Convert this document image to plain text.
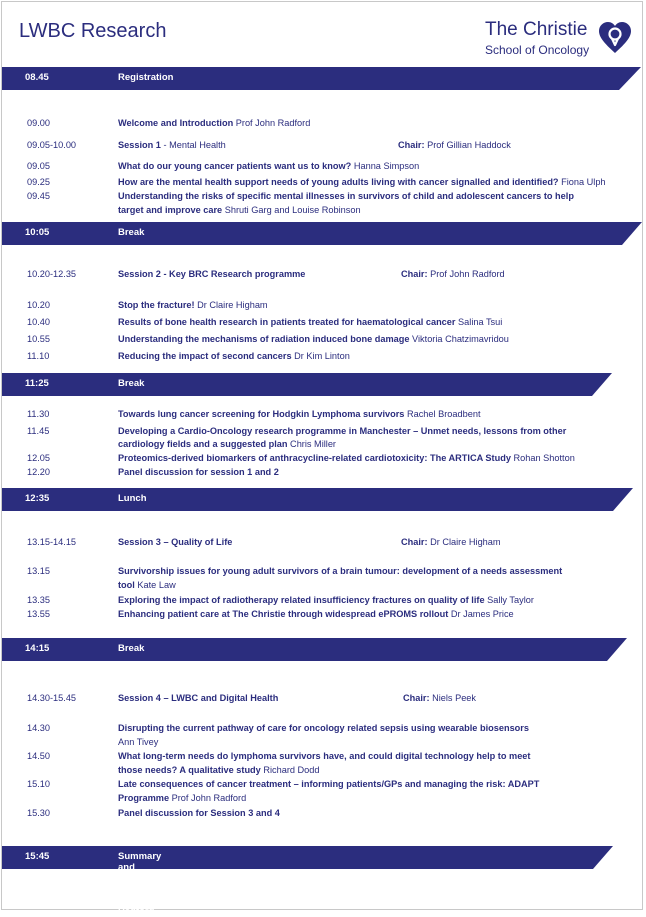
LWBC Research	The Christie
School of Oncology
08.45	Registration
09.00	Welcome and Introduction Prof John Radford
09.05-10.00	Session 1 - Mental Health	Chair: Prof Gillian Haddock
09.05	What do our young cancer patients want us to know? Hanna Simpson
09.25	How are the mental health support needs of young adults living with cancer signalled and identified? Fiona Ulph
09.45	Understanding the risks of specific mental illnesses in survivors of child and adolescent cancers to help
target and improve care Shruti Garg and Louise Robinson
10:05	Break
10.20-12.35	Session 2 - Key BRC Research programme	Chair: Prof John Radford
10.20	Stop the fracture! Dr Claire Higham
10.40	Results of bone health research in patients treated for haematological cancer Salina Tsui
10.55	Understanding the mechanisms of radiation induced bone damage Viktoria Chatzimavridou
11.10	Reducing the impact of second cancers Dr Kim Linton
11:25	Break
11.30	Towards lung cancer screening for Hodgkin Lymphoma survivors Rachel Broadbent
11.45	Developing a Cardio-Oncology research programme in Manchester – Unmet needs, lessons from other
cardiology fields and a suggested plan Chris Miller
12.05	Proteomics-derived biomarkers of anthracycline-related cardiotoxicity: The ARTICA Study Rohan Shotton
12.20	Panel discussion for session 1 and 2
12:35	Lunch
13.15-14.15	Session 3 – Quality of Life	Chair: Dr Claire Higham
13.15	Survivorship issues for young adult survivors of a brain tumour: development of a needs assessment
tool Kate Law
13.35	Exploring the impact of radiotherapy related insufficiency fractures on quality of life Sally Taylor
13.55	Enhancing patient care at The Christie through widespread ePROMS rollout Dr James Price
14:15	Break
14.30-15.45	Session 4 – LWBC and Digital Health	Chair: Niels Peek
14.30	Disrupting the current pathway of care for oncology related sepsis using wearable biosensors
Ann Tivey
14.50	What long-term needs do lymphoma survivors have, and could digital technology help to meet
those needs? A qualitative study Richard Dodd
15.10	Late consequences of cancer treatment – informing patients/GPs and managing the risk: ADAPT
Programme Prof John Radford
15.30	Panel discussion for Session 3 and 4
15:45	Summary and Close Prof John Radford
